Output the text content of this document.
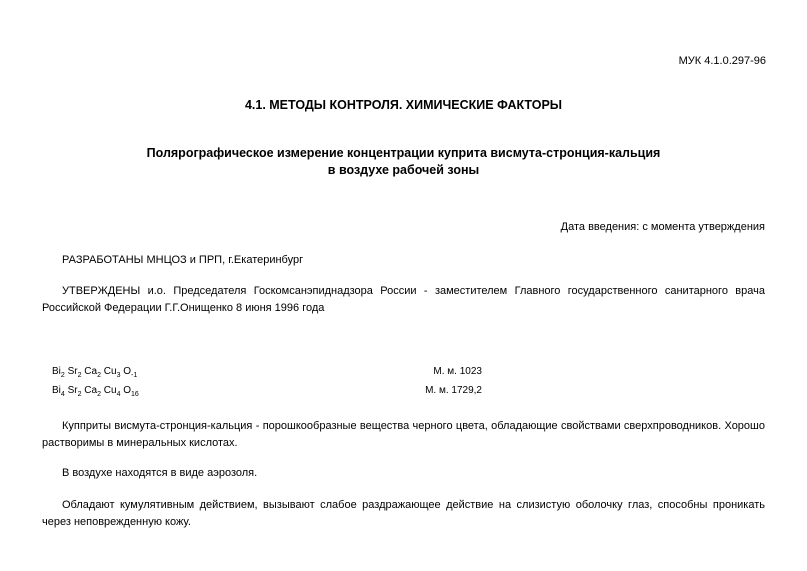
МУК 4.1.0.297-96
4.1. МЕТОДЫ КОНТРОЛЯ. ХИМИЧЕСКИЕ ФАКТОРЫ
Полярографическое измерение концентрации куприта висмута-стронция-кальция
в воздухе рабочей зоны
Дата введения: с момента утверждения
РАЗРАБОТАНЫ МНЦОЗ и ПРП, г.Екатеринбург
УТВЕРЖДЕНЫ и.о. Председателя Госкомсанэпиднадзора России - заместителем Главного государственного санитарного врача Российской Федерации Г.Г.Онищенко 8 июня 1996 года
$Bi_2$ $Sr_2$ $Ca_2$ $Cu_3$ $O_{-1}$	М. м. 1023
$Bi_4$ $Sr_2$ $Ca_2$ $Cu_4$ $O_{16}$	М. м. 1729,2
Купприты висмута-стронция-кальция - порошкообразные вещества черного цвета, обладающие свойствами сверхпроводников. Хорошо растворимы в минеральных кислотах.
В воздухе находятся в виде аэрозоля.
Обладают кумулятивным действием, вызывают слабое раздражающее действие на слизистую оболочку глаз, способны проникать через неповрежденную кожу.
